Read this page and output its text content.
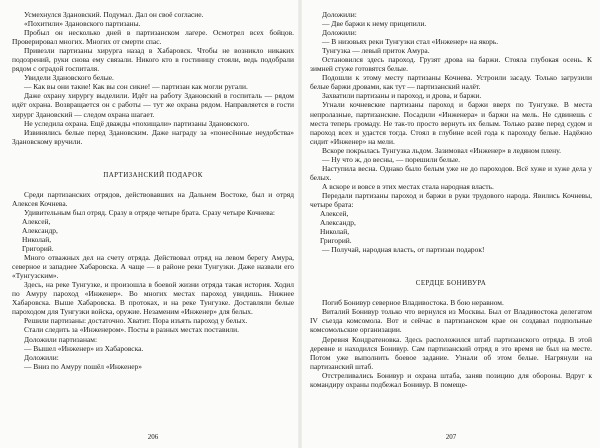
Усмехнулся Здановский. Подумал. Дал он своё согласие.

«Похитили» Здановского партизаны.

Пробыл он несколько дней в партизанском лагере. Осмотрел всех бойцов. Проверировал многих. Многих от смерти спас.

Привезли партизаны хирурга назад в Хабаровск. Чтобы не возникло никаких подозрений, руки снова ему связали. Никого кто в гостиницу стояли, ведь подобрали рядом с оградой госпиталя.

Увидели Здановского белые.

— Как вы они такие! Как вы сон сикие! — партизан как могли ругали.

Даже охрану хирургу выделили. Идёт на работу Здановский в госпиталь — рядом идёт охрана. Возвращается он с работы — тут же охрана рядом. Направляется в гости хирург Здановский — следом охрана шагает.

Не уследила охрана. Ещё дважды «похищали» партизаны Здановского.

Извинялись белые перед Здановским. Даже награду за «понесённые неудобства» Здановскому вручили.

ПАРТИЗАНСКИЙ ПОДАРОК

Среди партизанских отрядов, действовавших на Дальнем Востоке, был и отряд Алексея Кочнева.

Удивительным был отряд. Сразу в отряде четыре брата. Сразу четыре Кочнева:

Алексей,

Александр,

Николай,

Григорий.

Много отважных дел на счету отряда. Действовал отряд на левом берегу Амура, северное и западнее Хабаровска. А чаще — в районе реки Тунгузки. Даже назвали его «Тунгузским».

Здесь, на реке Тунгузке, и произошла в боевой жизни отряда такая история. Ходил по Амуру пароход «Инженер». Во многих местах пароход увидишь. Нижнее Хабаровска. Выше Хабаровска. В протоках, и на реке Тунгузке. Доставляли белые пароходом для Тунгузки войска, оружие. Незаменим «Инженер» для белых.

Решили партизаны: достаточно. Хватит. Пора изъять пароход у белых.

Стали следить за «Инженером». Посты в разных местах поставили.

Доложили партизанам:

— Вышел «Инженер» из Хабаровска.

Доложили:

— Вниз по Амуру пошёл «Инженер»

206

Доложили:

— Две баржи к нему прицепили.

Доложили:

— В низовьях реки Тунгузки стал «Инженер» на якорь.

Тунгузка — левый приток Амура.

Остановился здесь пароход. Грузят дрова на баржи. Стояла глубокая осень. К зимней стуже готовятся белые.

Подошли к этому месту партизаны Кочнева. Устроили засаду. Только загрузили белые баржи дровами, как тут — партизанский налёт.

Захватили партизаны и пароход, и дрова, и баржи.

Угнали кочневские партизаны пароход и баржи вверх по Тунгузке. В места непролазные, партизанские. Посадили «Инженера» и баржи на мель. Не сдвинешь с места теперь громаду. Не так-то просто вернуть их белым. Только разве перед судом и пароход всех и удастся тогда. Стоял в глубине всей года к пароходу белые. Надёжно сидит «Инженер» на мели.

Вскоре покрылась Тунгузка льдом. Зазимовал «Инженер» в ледяном плену.

— Ну что ж, до весны, — порешили белые.

Наступила весна. Однако было белым уже не до пароходов. Всё хуже и хуже дела у белых.

А вскоре и вовсе в этих местах стала народная власть.

Передали партизаны пароход и баржи в руки трудового народа. Явились Кочневы, четыре брата:

Алексей,

Александр,

Николай,

Григорий.

— Получай, народная власть, от партизан подарок!

СЕРДЦЕ БОНИВУРА

Погиб Бонивур северное Владивостока. В бою неравном.

Виталий Бонивур только что вернулся из Москвы. Был от Владивостока делегатом IV съезда комсомола. Вот и сейчас в партизанском крае он создавал подпольные комсомольские организации.

Деревня Кондратеновка. Здесь расположился штаб партизанского отряда. В этой деревне и находился Бонивур. Сам партизанский отряд в это время не был на месте. Потом уже выполнить боевое задание. Узнали об этом белые. Нагрянули на партизанский штаб.

Отстреливались Бонивур и охрана штаба, заняв позицию для обороны. Вдруг к командиру охраны подбежал Бонивур. В помеще-

207
